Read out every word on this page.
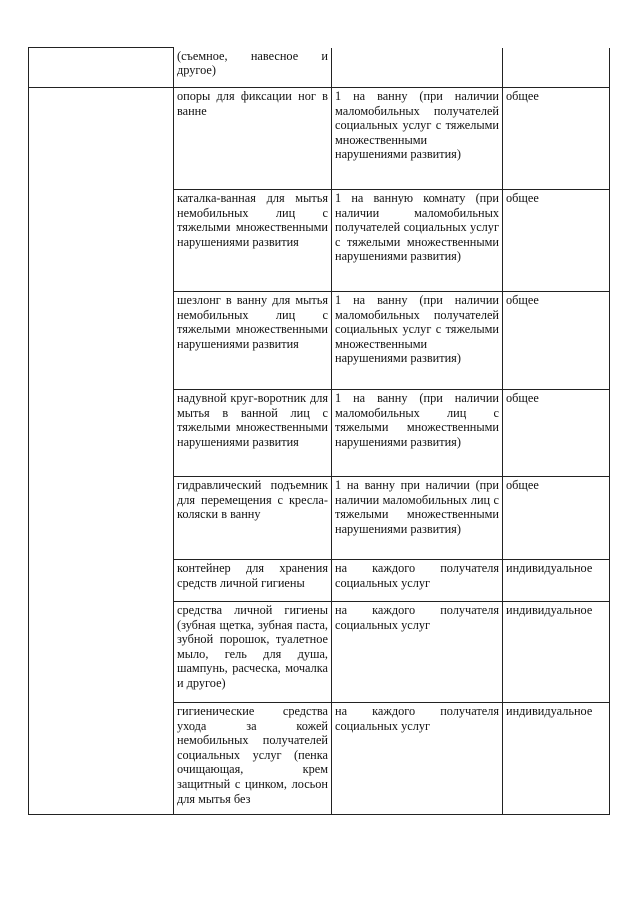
	(съемное, навесное и другое)		
	опоры для фиксации ног в ванне	1 на ванну (при наличии маломобильных получателей социальных услуг с тяжелыми множественными нарушениями развития)	общее
	каталка-ванная для мытья немобильных лиц с тяжелыми множественными нарушениями развития	1 на ванную комнату (при наличии маломобильных получателей социальных услуг с тяжелыми множественными нарушениями развития)	общее
	шезлонг в ванну для мытья немобильных лиц с тяжелыми множественными нарушениями развития	1 на ванну (при наличии маломобильных получателей социальных услуг с тяжелыми множественными нарушениями развития)	общее
	надувной круг-воротник для мытья в ванной лиц с тяжелыми множественными нарушениями развития	1 на ванну (при наличии маломобильных лиц с тяжелыми множественными нарушениями развития)	общее
	гидравлический подъемник для перемещения с кресла-коляски в ванну	1 на ванну при наличии (при наличии маломобильных лиц с тяжелыми множественными нарушениями развития)	общее
	контейнер для хранения средств личной гигиены	на каждого получателя социальных услуг	индивидуальное
	средства личной гигиены (зубная щетка, зубная паста, зубной порошок, туалетное мыло, гель для душа, шампунь, расческа, мочалка и другое)	на каждого получателя социальных услуг	индивидуальное
	гигиенические средства ухода за кожей немобильных получателей социальных услуг (пенка очищающая, крем защитный с цинком, лосьон для мытья без	на каждого получателя социальных услуг	индивидуальное
